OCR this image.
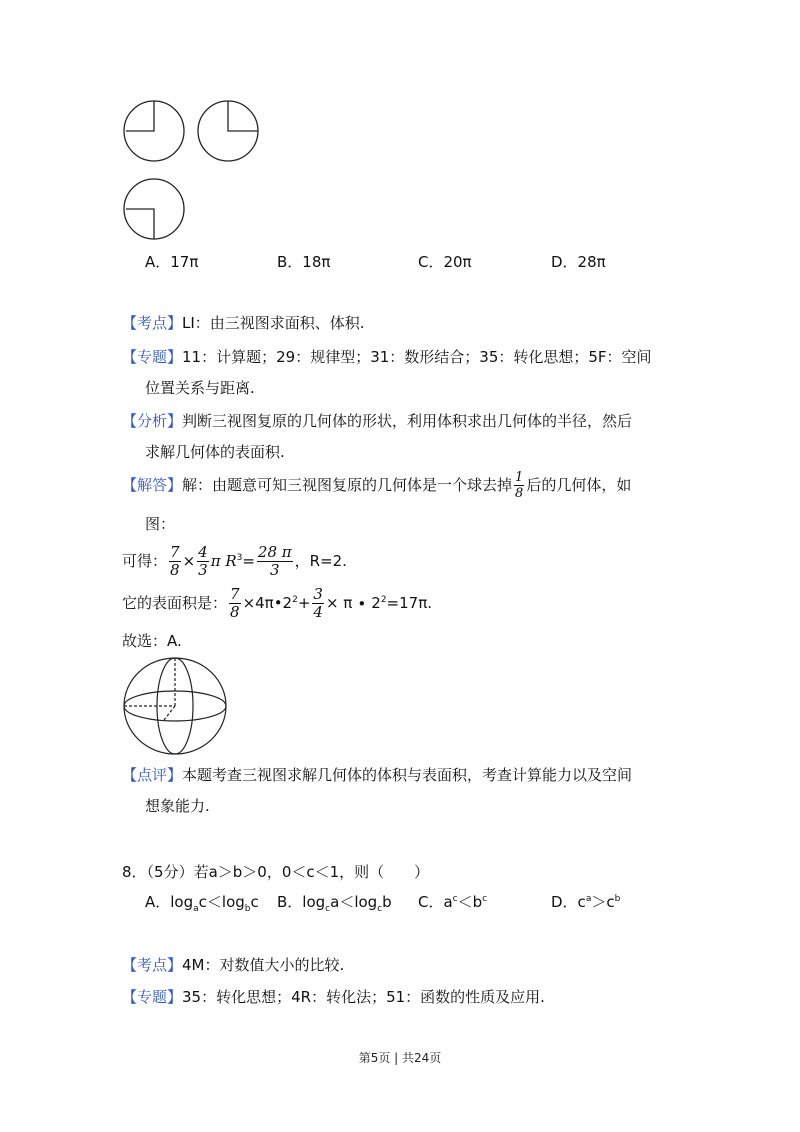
A．17π	B．18π	C．20π	D．28π
【考点】LI：由三视图求面积、体积.
【专题】11：计算题；29：规律型；31：数形结合；35：转化思想；5F：空间
位置关系与距离.
【分析】判断三视图复原的几何体的形状，利用体积求出几何体的半径，然后
求解几何体的表面积.
【解答】解：由题意可知三视图复原的几何体是一个球去掉 $\frac{1}{8}$ 后的几何体，如
图：
可得： $\frac{7}{8} \times \frac{4}{3}$ π $R^3= \frac{28 \pi}{3}$ ，R=2.
它的表面积是： $\frac{7}{8}$ $\times 4\pi•2^2+ \frac{3}{4} \times \pi \cdot 2^2=17\pi$.
故选：A.
【点评】本题考查三视图求解几何体的体积与表面积，考查计算能力以及空间
想象能力.
8．（5分）若a＞b＞0，0＜c＜1，则（　　）
A．$\log_ac<\log_bc$ B．$\log_ca<\log_cb$ C．$a^c<b^c$	D．$c^a>c^b$
【考点】4M：对数值大小的比较.
【专题】35：转化思想；4R：转化法；51：函数的性质及应用.
第5页 | 共24页
